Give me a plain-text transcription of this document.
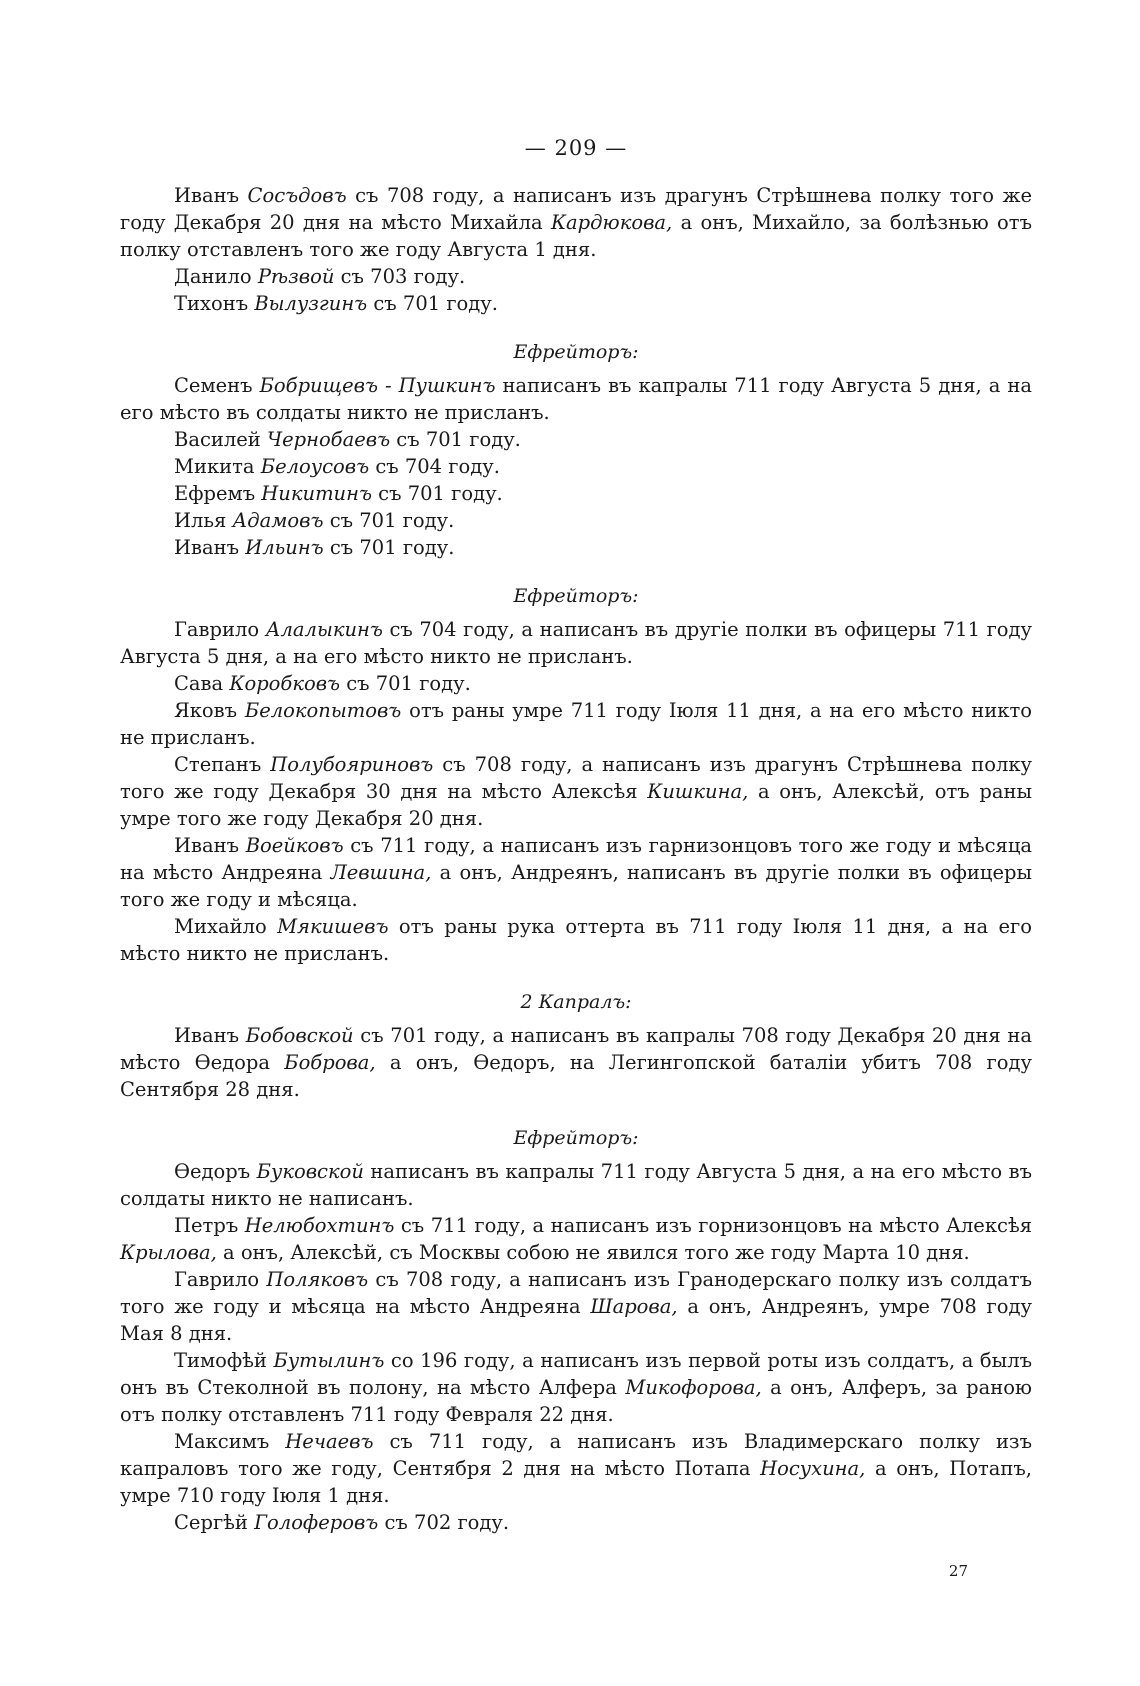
— 209 —

Иванъ Сосъдовъ съ 708 году, а написанъ изъ драгунъ Стрѣшнева полку того же году Декабря 20 дня на мѣсто Михайла Кардюкова, а онъ, Михайло, за болѣзнью отъ полку отставленъ того же году Августа 1 дня.

Данило Рѣзвой съ 703 году.

Тихонъ Вылузгинъ съ 701 году.

Ефрейторъ:

Семенъ Бобрищевъ - Пушкинъ написанъ въ капралы 711 году Августа 5 дня, а на его мѣсто въ солдаты никто не присланъ.

Василей Чернобаевъ съ 701 году.

Микита Белоусовъ съ 704 году.

Ефремъ Никитинъ съ 701 году.

Илья Адамовъ съ 701 году.

Иванъ Ильинъ съ 701 году.

Ефрейторъ:

Гаврило Алалыкинъ съ 704 году, а написанъ въ другіе полки въ офицеры 711 году Августа 5 дня, а на его мѣсто никто не присланъ.

Сава Коробковъ съ 701 году.

Яковъ Белокопытовъ отъ раны умре 711 году Іюля 11 дня, а на его мѣсто никто не присланъ.

Степанъ Полубояриновъ съ 708 году, а написанъ изъ драгунъ Стрѣшнева полку того же году Декабря 30 дня на мѣсто Алексѣя Кишкина, а онъ, Алексѣй, отъ раны умре того же году Декабря 20 дня.

Иванъ Воейковъ съ 711 году, а написанъ изъ гарнизонцовъ того же году и мѣсяца на мѣсто Андреяна Левшина, а онъ, Андреянъ, написанъ въ другіе полки въ офицеры того же году и мѣсяца.

Михайло Мякишевъ отъ раны рука оттерта въ 711 году Іюля 11 дня, а на его мѣсто никто не присланъ.

2 Капралъ:

Иванъ Бобовской съ 701 году, а написанъ въ капралы 708 году Декабря 20 дня на мѣсто Өедора Боброва, а онъ, Өедоръ, на Легингопской баталіи убитъ 708 году Сентября 28 дня.

Ефрейторъ:

Өедоръ Буковской написанъ въ капралы 711 году Августа 5 дня, а на его мѣсто въ солдаты никто не написанъ.

Петръ Нелюбохтинъ съ 711 году, а написанъ изъ горнизонцовъ на мѣсто Алексѣя Крылова, а онъ, Алексѣй, съ Москвы собою не явился того же году Марта 10 дня.

Гаврило Поляковъ съ 708 году, а написанъ изъ Гранодерскаго полку изъ солдатъ того же году и мѣсяца на мѣсто Андреяна Шарова, а онъ, Андреянъ, умре 708 году Мая 8 дня.

Тимофѣй Бутылинъ со 196 году, а написанъ изъ первой роты изъ солдатъ, а былъ онъ въ Стеколной въ полону, на мѣсто Алфера Микофорова, а онъ, Алферъ, за раною отъ полку отставленъ 711 году Февраля 22 дня.

Максимъ Нечаевъ съ 711 году, а написанъ изъ Владимерскаго полку изъ капраловъ того же году, Сентября 2 дня на мѣсто Потапа Носухина, а онъ, Потапъ, умре 710 году Іюля 1 дня.

Сергѣй Голоферовъ съ 702 году.

27
